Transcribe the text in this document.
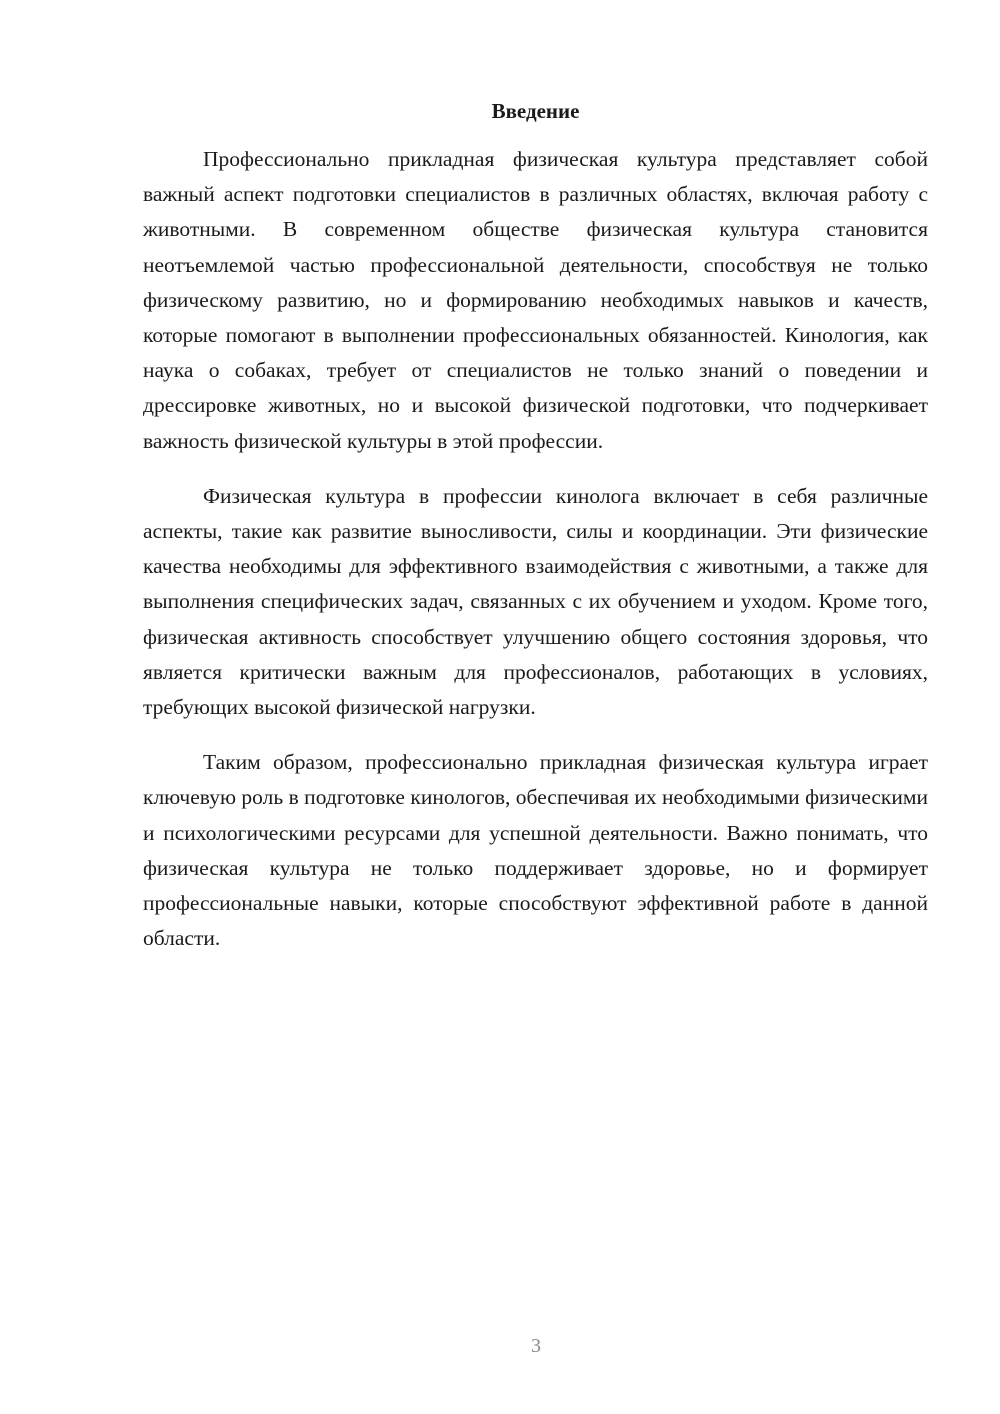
Введение

Профессионально прикладная физическая культура представляет собой важный аспект подготовки специалистов в различных областях, включая работу с животными. В современном обществе физическая культура становится неотъемлемой частью профессиональной деятельности, способствуя не только физическому развитию, но и формированию необходимых навыков и качеств, которые помогают в выполнении профессиональных обязанностей. Кинология, как наука о собаках, требует от специалистов не только знаний о поведении и дрессировке животных, но и высокой физической подготовки, что подчеркивает важность физической культуры в этой профессии.

Физическая культура в профессии кинолога включает в себя различные аспекты, такие как развитие выносливости, силы и координации. Эти физические качества необходимы для эффективного взаимодействия с животными, а также для выполнения специфических задач, связанных с их обучением и уходом. Кроме того, физическая активность способствует улучшению общего состояния здоровья, что является критически важным для профессионалов, работающих в условиях, требующих высокой физической нагрузки.

Таким образом, профессионально прикладная физическая культура играет ключевую роль в подготовке кинологов, обеспечивая их необходимыми физическими и психологическими ресурсами для успешной деятельности. Важно понимать, что физическая культура не только поддерживает здоровье, но и формирует профессиональные навыки, которые способствуют эффективной работе в данной области.

3
